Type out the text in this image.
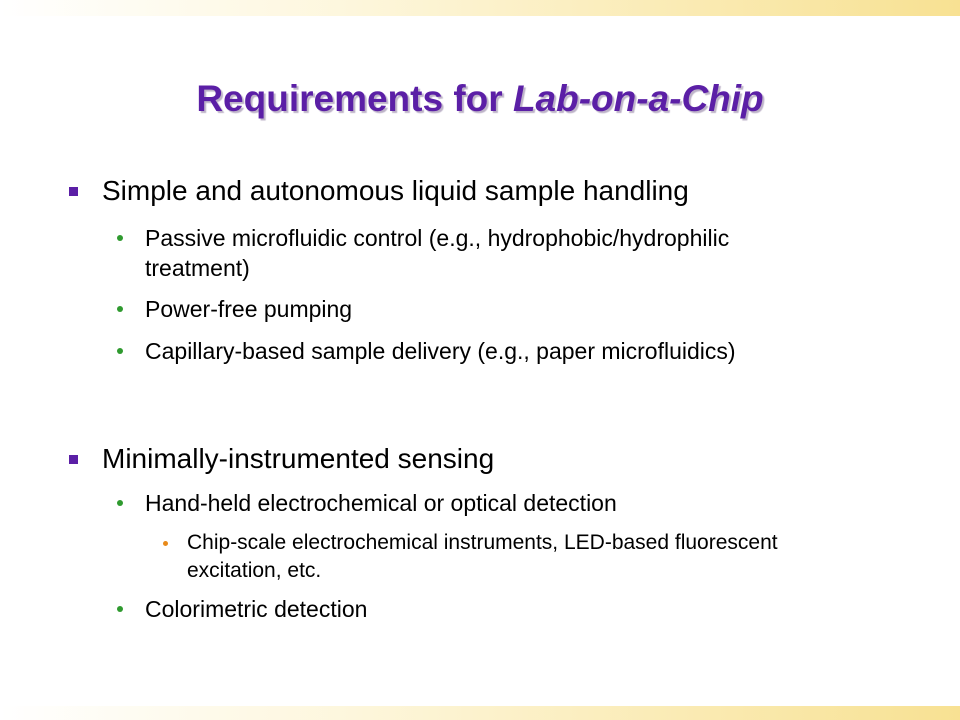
Requirements for Lab-on-a-Chip
Simple and autonomous liquid sample handling
Passive microfluidic control (e.g., hydrophobic/hydrophilic
treatment)
Power-free pumping
Capillary-based sample delivery (e.g., paper microfluidics)
Minimally-instrumented sensing
Hand-held electrochemical or optical detection
Chip-scale electrochemical instruments, LED-based fluorescent
excitation, etc.
Colorimetric detection
